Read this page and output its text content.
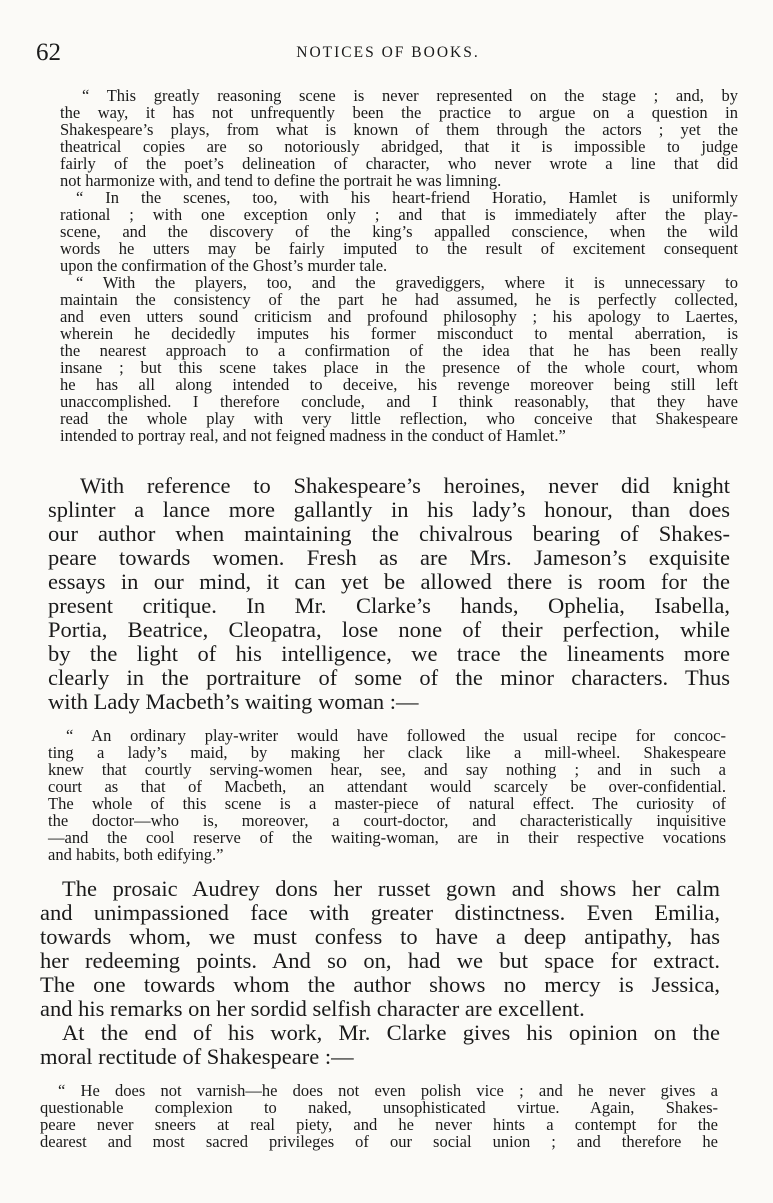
62	NOTICES OF BOOKS.
“ This greatly reasoning scene is never represented on the stage ; and, by
the way, it has not unfrequently been the practice to argue on a question in
Shakespeare’s plays, from what is known of them through the actors ; yet the
theatrical copies are so notoriously abridged, that it is impossible to judge
fairly of the poet’s delineation of character, who never wrote a line that did
not harmonize with, and tend to define the portrait he was limning.
“ In the scenes, too, with his heart-friend Horatio, Hamlet is uniformly
rational ; with one exception only ; and that is immediately after the play-
scene, and the discovery of the king’s appalled conscience, when the wild
words he utters may be fairly imputed to the result of excitement consequent
upon the confirmation of the Ghost’s murder tale.
“ With the players, too, and the gravediggers, where it is unnecessary to
maintain the consistency of the part he had assumed, he is perfectly collected,
and even utters sound criticism and profound philosophy ; his apology to Laertes,
wherein he decidedly imputes his former misconduct to mental aberration, is
the nearest approach to a confirmation of the idea that he has been really
insane ; but this scene takes place in the presence of the whole court, whom
he has all along intended to deceive, his revenge moreover being still left
unaccomplished. I therefore conclude, and I think reasonably, that they have
read the whole play with very little reflection, who conceive that Shakespeare
intended to portray real, and not feigned madness in the conduct of Hamlet.”
With reference to Shakespeare’s heroines, never did knight
splinter a lance more gallantly in his lady’s honour, than does
our author when maintaining the chivalrous bearing of Shakes-
peare towards women. Fresh as are Mrs. Jameson’s exquisite
essays in our mind, it can yet be allowed there is room for the
present critique. In Mr. Clarke’s hands, Ophelia, Isabella,
Portia, Beatrice, Cleopatra, lose none of their perfection, while
by the light of his intelligence, we trace the lineaments more
clearly in the portraiture of some of the minor characters. Thus
with Lady Macbeth’s waiting woman :—
“ An ordinary play-writer would have followed the usual recipe for concoc-
ting a lady’s maid, by making her clack like a mill-wheel. Shakespeare
knew that courtly serving-women hear, see, and say nothing ; and in such a
court as that of Macbeth, an attendant would scarcely be over-confidential.
The whole of this scene is a master-piece of natural effect. The curiosity of
the doctor—who is, moreover, a court-doctor, and characteristically inquisitive
—and the cool reserve of the waiting-woman, are in their respective vocations
and habits, both edifying.”
The prosaic Audrey dons her russet gown and shows her calm
and unimpassioned face with greater distinctness. Even Emilia,
towards whom, we must confess to have a deep antipathy, has
her redeeming points. And so on, had we but space for extract.
The one towards whom the author shows no mercy is Jessica,
and his remarks on her sordid selfish character are excellent.
At the end of his work, Mr. Clarke gives his opinion on the
moral rectitude of Shakespeare :—
“ He does not varnish—he does not even polish vice ; and he never gives a
questionable complexion to naked, unsophisticated virtue. Again, Shakes-
peare never sneers at real piety, and he never hints a contempt for the
dearest and most sacred privileges of our social union ; and therefore he
